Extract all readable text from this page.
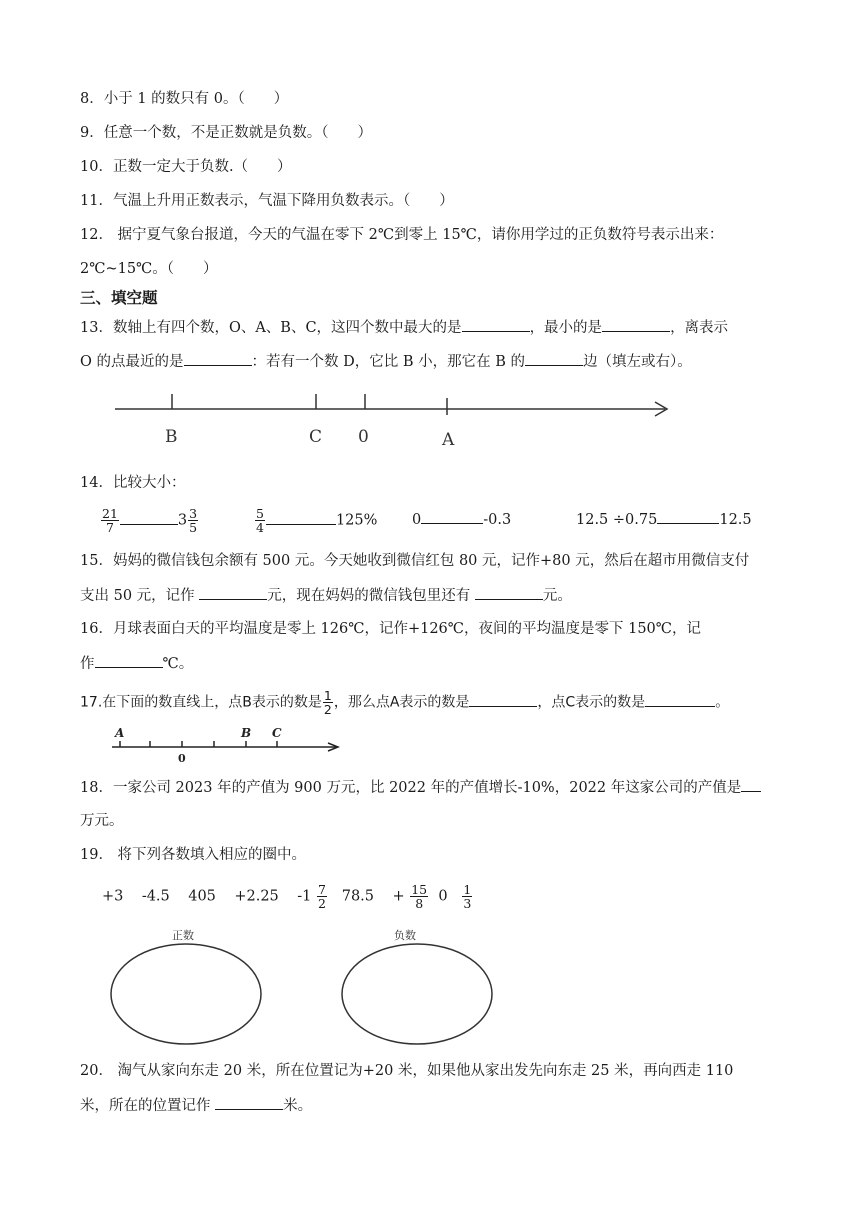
8．小于 1 的数只有 0。（　　）
9．任意一个数，不是正数就是负数。（　　）
10．正数一定大于负数.（　　）
11．气温上升用正数表示，气温下降用负数表示。（　　）
12． 据宁夏气象台报道，今天的气温在零下 2℃到零上 15℃，请你用学过的正负数符号表示出来：
2℃~15℃。（　　）
三、填空题
13．数轴上有四个数，O、A、B、C，这四个数中最大的是	，最小的是	，离表示
O 的点最近的是	：若有一个数 D，它比 B 小，那它在 B 的	边（填左或右）。
B	C 0	A
14．比较大小：
$\frac{21}{7}$	$3 \frac{3}{5}$	$\frac{5}{4}$	125% 0	-0.3	12.5 ÷0.75	12.5
15．妈妈的微信钱包余额有 500 元。今天她收到微信红包 80 元，记作+80 元，然后在超市用微信支付
支出 50 元，记作	元，现在妈妈的微信钱包里还有	元。
16．月球表面白天的平均温度是零上 126℃，记作+126℃，夜间的平均温度是零下 150℃，记
作	℃。
17.在下面的数直线上，点B表示的数是 $\frac{1}{2}$ ，那么点A表示的数是	，点C表示的数是	。
A
0
B C
18．一家公司 2023 年的产值为 900 万元，比 2022 年的产值增长-10%，2022 年这家公司的产值是
万元。
19． 将下列各数填入相应的圈中。
+3 -4.5 405 +2.25 $-1 \frac{7}{2} 78.5 + \frac{15}{8} 0 \frac{1}{3}$
正数	负数
20． 淘气从家向东走 20 米，所在位置记为+20 米，如果他从家出发先向东走 25 米，再向西走 110
米，所在的位置记作	米。
